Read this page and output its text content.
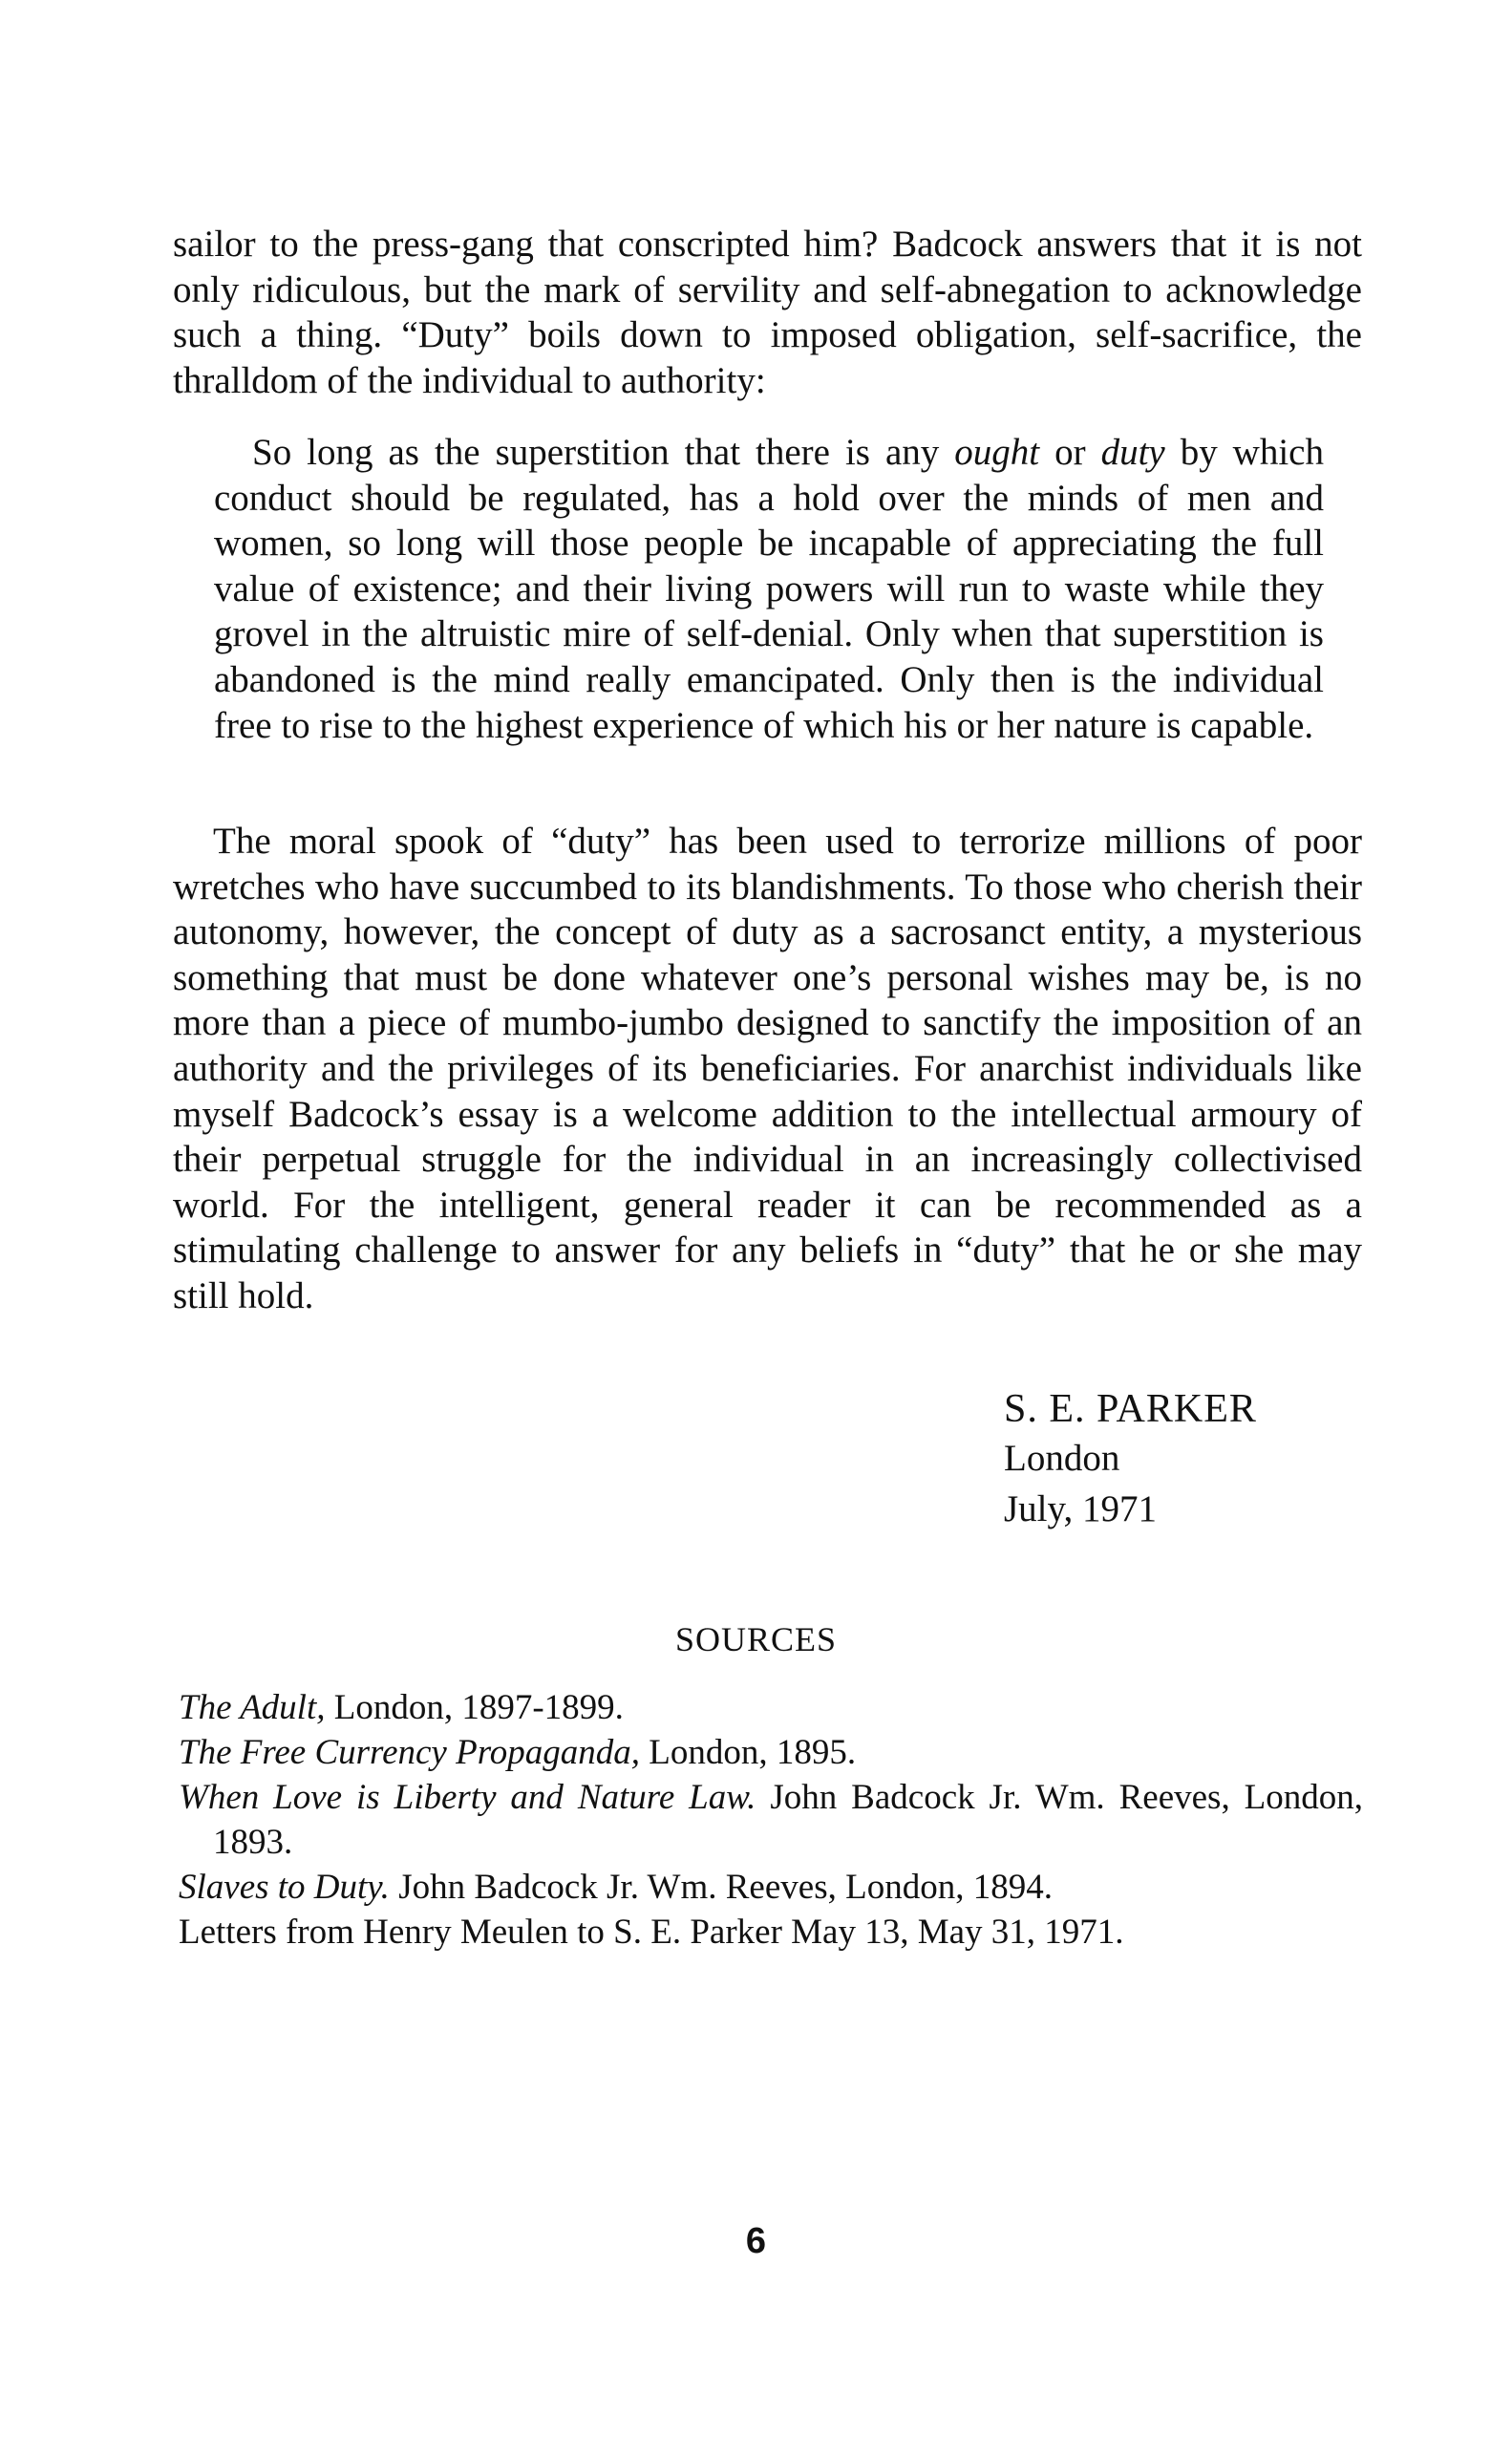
sailor to the press-gang that conscripted him? Badcock answers that it is not only ridiculous, but the mark of servility and self-abnegation to acknowledge such a thing. “Duty” boils down to imposed obligation, self-sacrifice, the thralldom of the individual to authority:

So long as the superstition that there is any ought or duty by which conduct should be regulated, has a hold over the minds of men and women, so long will those people be incapable of appreciating the full value of existence; and their living powers will run to waste while they grovel in the altruistic mire of self-denial. Only when that superstition is abandoned is the mind really emancipated. Only then is the individual free to rise to the highest experience of which his or her nature is capable.

The moral spook of “duty” has been used to terrorize millions of poor wretches who have succumbed to its blandishments. To those who cherish their autonomy, however, the concept of duty as a sacrosanct entity, a mysterious something that must be done whatever one’s personal wishes may be, is no more than a piece of mumbo-jumbo designed to sanctify the imposition of an authority and the privileges of its beneficiaries. For anarchist individuals like myself Badcock’s essay is a welcome addition to the intellectual armoury of their perpetual struggle for the individual in an increasingly collectivised world. For the intelligent, general reader it can be recommended as a stimulating challenge to answer for any beliefs in “duty” that he or she may still hold.

S. E. PARKER

London

July, 1971

SOURCES
The Adult, London, 1897-1899.
The Free Currency Propaganda, London, 1895.
When Love is Liberty and Nature Law. John Badcock Jr. Wm. Reeves, London, 1893.
Slaves to Duty. John Badcock Jr. Wm. Reeves, London, 1894.
Letters from Henry Meulen to S. E. Parker May 13, May 31, 1971.

6
